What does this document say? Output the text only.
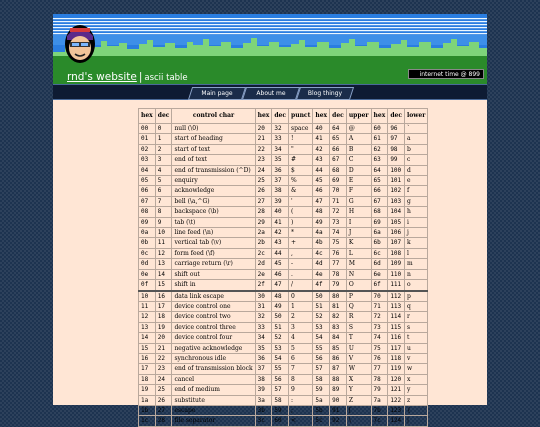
rnd's website | ascii table	internet time @ 899
Main page	About me	Blog thingy
hex	dec	control char	hex	dec	punct	hex	dec	upper	hex	dec	lower
00	0	null (\0)	20	32	space	40	64	@	60	96	`
01	1	start of heading	21	33	!	41	65	A	61	97	a
02	2	start of text	22	34	"	42	66	B	62	98	b
03	3	end of text	23	35	#	43	67	C	63	99	c
04	4	end of transmission (^D)	24	36	$	44	68	D	64	100	d
05	5	enquiry	25	37	%	45	69	E	65	101	e
06	6	acknowledge	26	38	&	46	70	F	66	102	f
07	7	bell (\a,^G)	27	39	'	47	71	G	67	103	g
08	8	backspace (\b)	28	40	(	48	72	H	68	104	h
09	9	tab (\t)	29	41	)	49	73	I	69	105	i
0a	10	line feed (\n)	2a	42	*	4a	74	J	6a	106	j
0b	11	vertical tab (\v)	2b	43	+	4b	75	K	6b	107	k
0c	12	form feed (\f)	2c	44	,	4c	76	L	6c	108	l
0d	13	carriage return (\r)	2d	45	-	4d	77	M	6d	109	m
0e	14	shift out	2e	46	.	4e	78	N	6e	110	n
0f	15	shift in	2f	47	/	4f	79	O	6f	111	o
10	16	data link escape	30	48	0	50	80	P	70	112	p
11	17	device control one	31	49	1	51	81	Q	71	113	q
12	18	device control two	32	50	2	52	82	R	72	114	r
13	19	device control three	33	51	3	53	83	S	73	115	s
14	20	device control four	34	52	4	54	84	T	74	116	t
15	21	negative acknowledge	35	53	5	55	85	U	75	117	u
16	22	synchronous idle	36	54	6	56	86	V	76	118	v
17	23	end of transmission block	37	55	7	57	87	W	77	119	w
18	24	cancel	38	56	8	58	88	X	78	120	x
19	25	end of medium	39	57	9	59	89	Y	79	121	y
1a	26	substitute	3a	58	:	5a	90	Z	7a	122	z
1b	27	escape	3b	59	;	5b	91	[	7b	123	{
1c	28	file separator	3c	60	<	5c	92	\	7c	124	|
